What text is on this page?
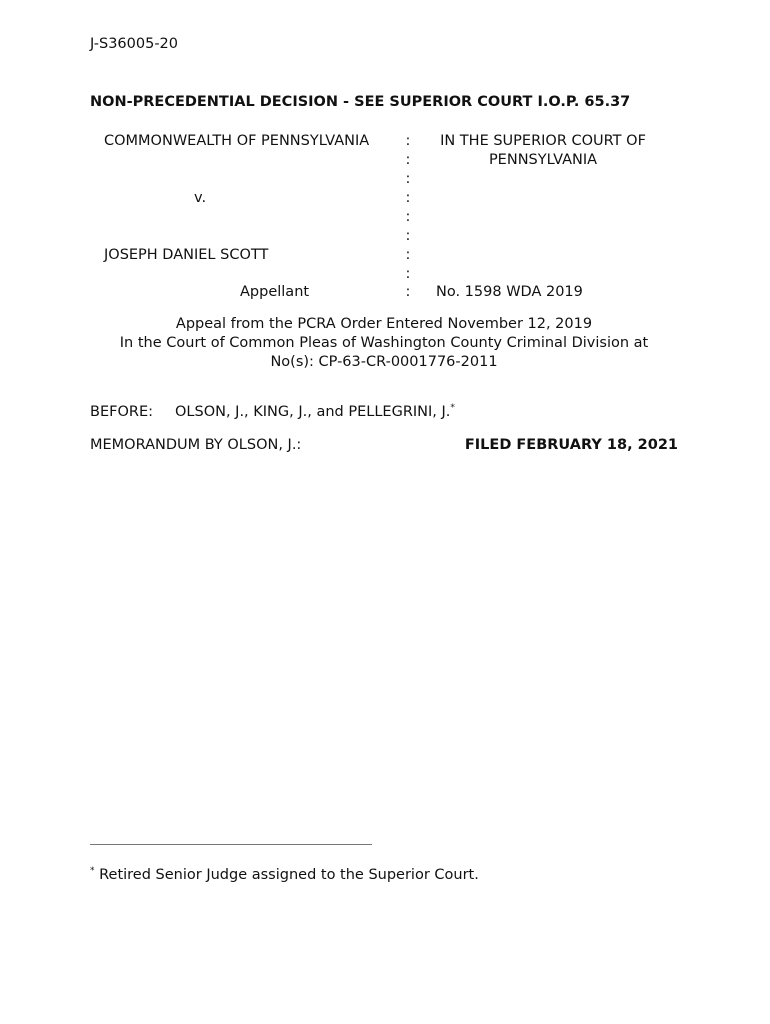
J-S36005-20
NON-PRECEDENTIAL DECISION - SEE SUPERIOR COURT I.O.P. 65.37
COMMONWEALTH OF PENNSYLVANIA
v.
JOSEPH DANIEL SCOTT
Appellant
:
:
:
:
:
:
:
:
:
IN THE SUPERIOR COURT OF
PENNSYLVANIA
No. 1598 WDA 2019
Appeal from the PCRA Order Entered November 12, 2019
In the Court of Common Pleas of Washington County Criminal Division at
No(s): CP-63-CR-0001776-2011
BEFORE: OLSON, J., KING, J., and PELLEGRINI, J.*
MEMORANDUM BY OLSON, J.:	FILED FEBRUARY 18, 2021
* Retired Senior Judge assigned to the Superior Court.
